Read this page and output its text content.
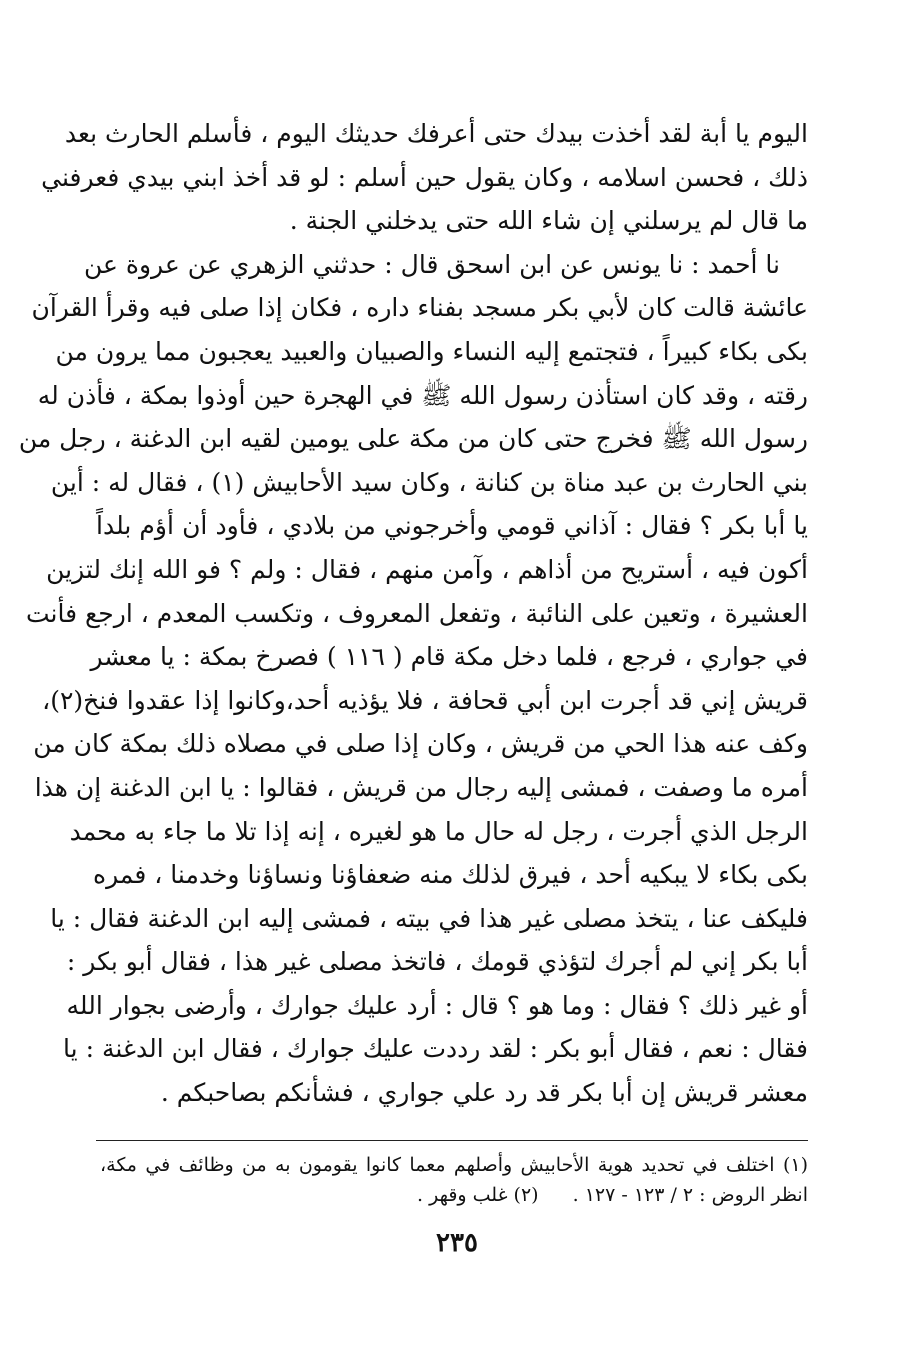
اليوم يا أبة لقد أخذت بيدك حتى أعرفك حديثك اليوم ، فأسلم الحارث بعد
ذلك ، فحسن اسلامه ، وكان يقول حين أسلم : لو قد أخذ ابني بيدي فعرفني
ما قال لم يرسلني إن شاء الله حتى يدخلني الجنة .
نا أحمد : نا يونس عن ابن اسحق قال : حدثني الزهري عن عروة عن
عائشة قالت كان لأبي بكر مسجد بفناء داره ، فكان إذا صلى فيه وقرأ القرآن
بكى بكاء كبيراً ، فتجتمع إليه النساء والصبيان والعبيد يعجبون مما يرون من
رقته ، وقد كان استأذن رسول الله ﷺ في الهجرة حين أوذوا بمكة ، فأذن له
رسول الله ﷺ فخرج حتى كان من مكة على يومين لقيه ابن الدغنة ، رجل من
بني الحارث بن عبد مناة بن كنانة ، وكان سيد الأحابيش (١) ، فقال له : أين
يا أبا بكر ؟ فقال : آذاني قومي وأخرجوني من بلادي ، فأود أن أؤم بلداً
أكون فيه ، أستريح من أذاهم ، وآمن منهم ، فقال : ولم ؟ فو الله إنك لتزين
العشيرة ، وتعين على النائبة ، وتفعل المعروف ، وتكسب المعدم ، ارجع فأنت
في جواري ، فرجع ، فلما دخل مكة قام ( ١١٦ ) فصرخ بمكة : يا معشر
قريش إني قد أجرت ابن أبي قحافة ، فلا يؤذيه أحد،وكانوا إذا عقدوا فنخ(٢)،
وكف عنه هذا الحي من قريش ، وكان إذا صلى في مصلاه ذلك بمكة كان من
أمره ما وصفت ، فمشى إليه رجال من قريش ، فقالوا : يا ابن الدغنة إن هذا
الرجل الذي أجرت ، رجل له حال ما هو لغيره ، إنه إذا تلا ما جاء به محمد
بكى بكاء لا يبكيه أحد ، فيرق لذلك منه ضعفاؤنا ونساؤنا وخدمنا ، فمره
فليكف عنا ، يتخذ مصلى غير هذا في بيته ، فمشى إليه ابن الدغنة فقال : يا
أبا بكر إني لم أجرك لتؤذي قومك ، فاتخذ مصلى غير هذا ، فقال أبو بكر :
أو غير ذلك ؟ فقال : وما هو ؟ قال : أرد عليك جوارك ، وأرضى بجوار الله
فقال : نعم ، فقال أبو بكر : لقد رددت عليك جوارك ، فقال ابن الدغنة : يا
معشر قريش إن أبا بكر قد رد علي جواري ، فشأنكم بصاحبكم .
(١) اختلف في تحديد هوية الأحابيش وأصلهم معما كانوا يقومون به من وظائف في مكة،
انظر الروض : ٢ / ١٢٣ - ١٢٧ .(٢) غلب وقهر .
٢٣٥
